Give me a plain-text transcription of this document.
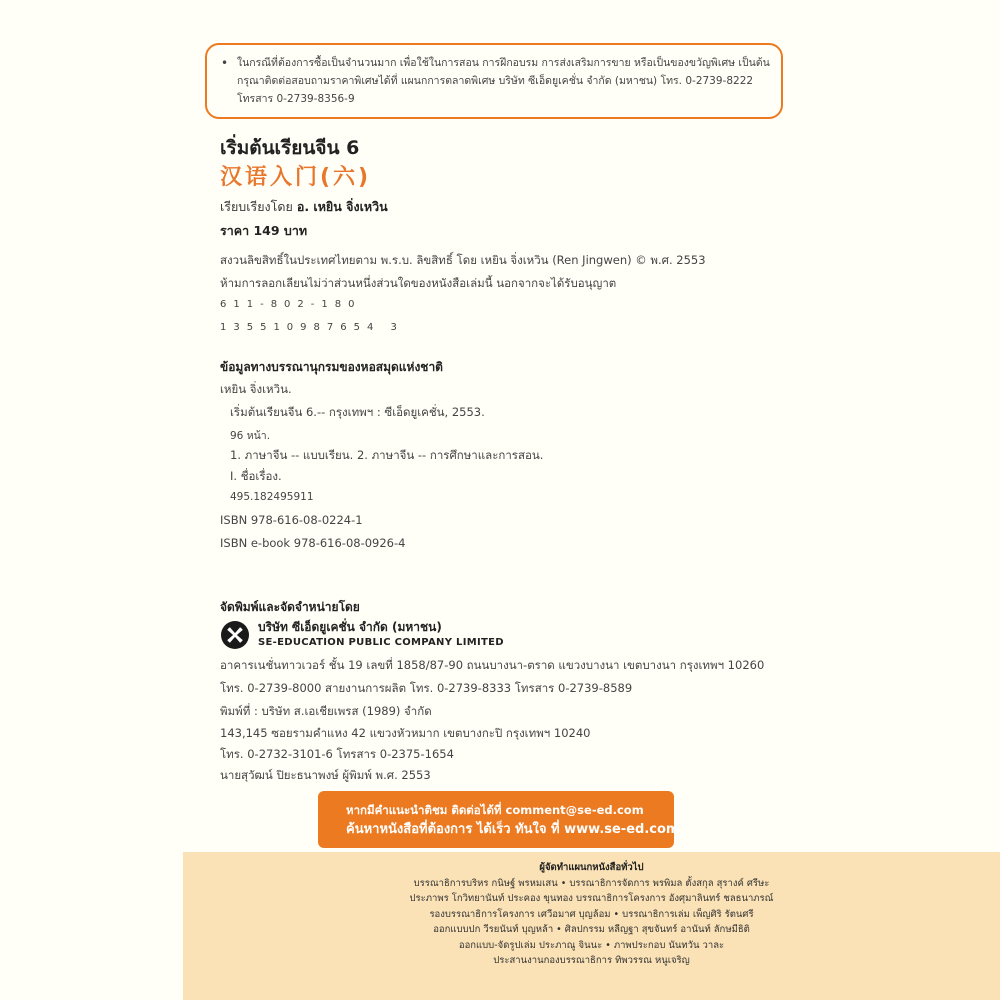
• ในกรณีที่ต้องการซื้อเป็นจำนวนมาก เพื่อใช้ในการสอน การฝึกอบรม การส่งเสริมการขาย หรือเป็นของขวัญพิเศษ เป็นต้น
กรุณาติดต่อสอบถามราคาพิเศษได้ที่ แผนกการตลาดพิเศษ บริษัท ซีเอ็ดยูเคชั่น จำกัด (มหาชน) โทร. 0-2739-8222
โทรสาร 0-2739-8356-9
เริ่มต้นเรียนจีน 6
汉语入门(六)
เรียบเรียงโดย อ. เหยิน จิ่งเหวิน
ราคา 149 บาท
สงวนลิขสิทธิ์ในประเทศไทยตาม พ.ร.บ. ลิขสิทธิ์ โดย เหยิน จิ่งเหวิน (Ren Jingwen) © พ.ศ. 2553
ห้ามการลอกเลียนไม่ว่าส่วนหนึ่งส่วนใดของหนังสือเล่มนี้ นอกจากจะได้รับอนุญาต
611-802-180
135510987654 3
ข้อมูลทางบรรณานุกรมของหอสมุดแห่งชาติ
เหยิน จิ่งเหวิน.
เริ่มต้นเรียนจีน 6.-- กรุงเทพฯ : ซีเอ็ดยูเคชั่น, 2553.
96 หน้า.
1. ภาษาจีน -- แบบเรียน. 2. ภาษาจีน -- การศึกษาและการสอน.
I. ชื่อเรื่อง.
495.182495911
ISBN 978-616-08-0224-1
ISBN e-book 978-616-08-0926-4
จัดพิมพ์และจัดจำหน่ายโดย
บริษัท ซีเอ็ดยูเคชั่น จำกัด (มหาชน)
SE-EDUCATION PUBLIC COMPANY LIMITED
อาคารเนชั่นทาวเวอร์ ชั้น 19 เลขที่ 1858/87-90 ถนนบางนา-ตราด แขวงบางนา เขตบางนา กรุงเทพฯ 10260
โทร. 0-2739-8000 สายงานการผลิต โทร. 0-2739-8333 โทรสาร 0-2739-8589
พิมพ์ที่ : บริษัท ส.เอเชียเพรส (1989) จำกัด
143,145 ซอยรามคำแหง 42 แขวงหัวหมาก เขตบางกะปิ กรุงเทพฯ 10240
โทร. 0-2732-3101-6 โทรสาร 0-2375-1654
นายสุวัฒน์ ปิยะธนาพงษ์ ผู้พิมพ์ พ.ศ. 2553
หากมีคำแนะนำติชม ติดต่อได้ที่ comment@se-ed.com
ค้นหาหนังสือที่ต้องการ ได้เร็ว ทันใจ ที่ www.se-ed.com
ผู้จัดทำแผนกหนังสือทั่วไป
บรรณาธิการบริหร กนิษฐ์ พรหมเสน • บรรณาธิการจัดการ พรพิมล ตั้งสกุล สุรางค์ ศรีษะ
ประภาพร โกวิทยานันท์ ประคอง ขุนทอง บรรณาธิการโครงการ อังศุมาลินทร์ ชลธนาภรณ์
รองบรรณาธิการโครงการ เศวีอมาศ บุญล้อม • บรรณาธิการเล่ม เพ็ญศิริ รัตนศรี
ออกแบบปก วีรยนันท์ บุญหล้า • ศิลปกรรม หลีญฐา สุขจันทร์ อานันท์ ลักษมีธิติ
ออกแบบ-จัดรูปเล่ม ประภาณู จินนะ • ภาพประกอบ นันทวัน วาละ
ประสานงานกองบรรณาธิการ ทิพวรรณ หนูเจริญ
